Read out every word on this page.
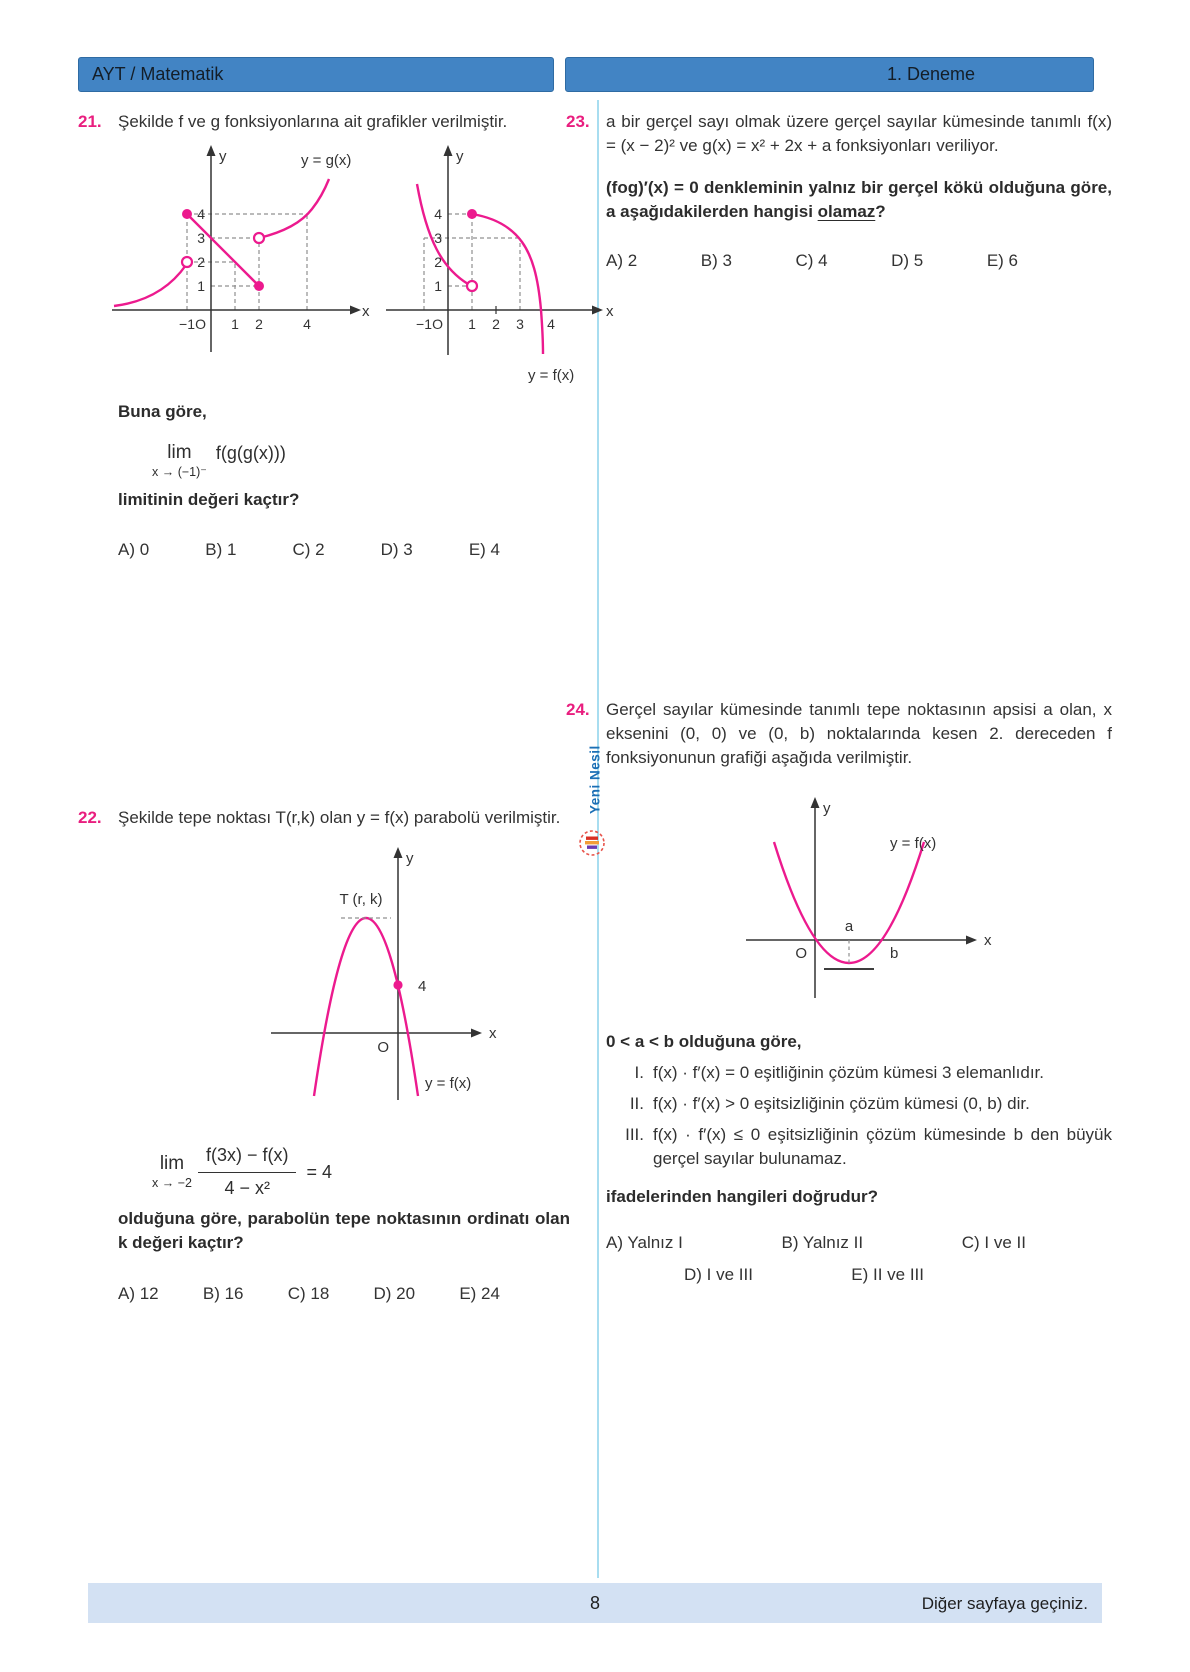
AYT / Matematik	1. Deneme
Yeni Nesil
21. Şekilde f ve g fonksiyonlarına ait grafikler verilmiştir.
−1 O 1 2	4
4
3
2
1
x
y	y = g(x)
−1 O 1 2 3 4
4
3
2
1
x
y
y = f(x)
Buna göre,
lim
x → (−1)⁻
f(g(g(x)))
limitinin değeri kaçtır?
A) 0	B) 1	C) 2	D) 3	E) 4
22. Şekilde tepe noktası T(r,k) olan y = f(x) parabolü verilmiştir.
T (r, k)
4
O
x
y
y = f(x)
lim
$x \to -2 \frac{f(3x) - f(x)}{\text{4 − x²}} = 4$
olduğuna göre, parabolün tepe noktasının ordinatı olan k değeri kaçtır?
A) 12	B) 16	C) 18	D) 20	E) 24
23. a bir gerçel sayı olmak üzere gerçel sayılar kümesinde tanımlı f(x) = (x − 2)² ve g(x) = x² + 2x + a fonksiyonları veriliyor.
(fog)′(x) = 0 denkleminin yalnız bir gerçel kökü olduğuna göre, a aşağıdakilerden hangisi olamaz?
A) 2	B) 3	C) 4	D) 5	E) 6
24. Gerçel sayılar kümesinde tanımlı tepe noktasının apsisi a olan, x eksenini (0, 0) ve (0, b) noktalarında kesen 2. dereceden f fonksiyonunun grafiği aşağıda verilmiştir.
a
b
O
x
y
y = f(x)
0 < a < b olduğuna göre,
I. f(x) · f′(x) = 0 eşitliğinin çözüm kümesi 3 elemanlıdır.
II. f(x) · f′(x) > 0 eşitsizliğinin çözüm kümesi (0, b) dir.
III. f(x) · f′(x) ≤ 0 eşitsizliğinin çözüm kümesinde b den büyük gerçel sayılar bulunamaz.
ifadelerinden hangileri doğrudur?
A) Yalnız I	B) Yalnız II	C) I ve II
D) I ve III	E) II ve III
8	Diğer sayfaya geçiniz.
